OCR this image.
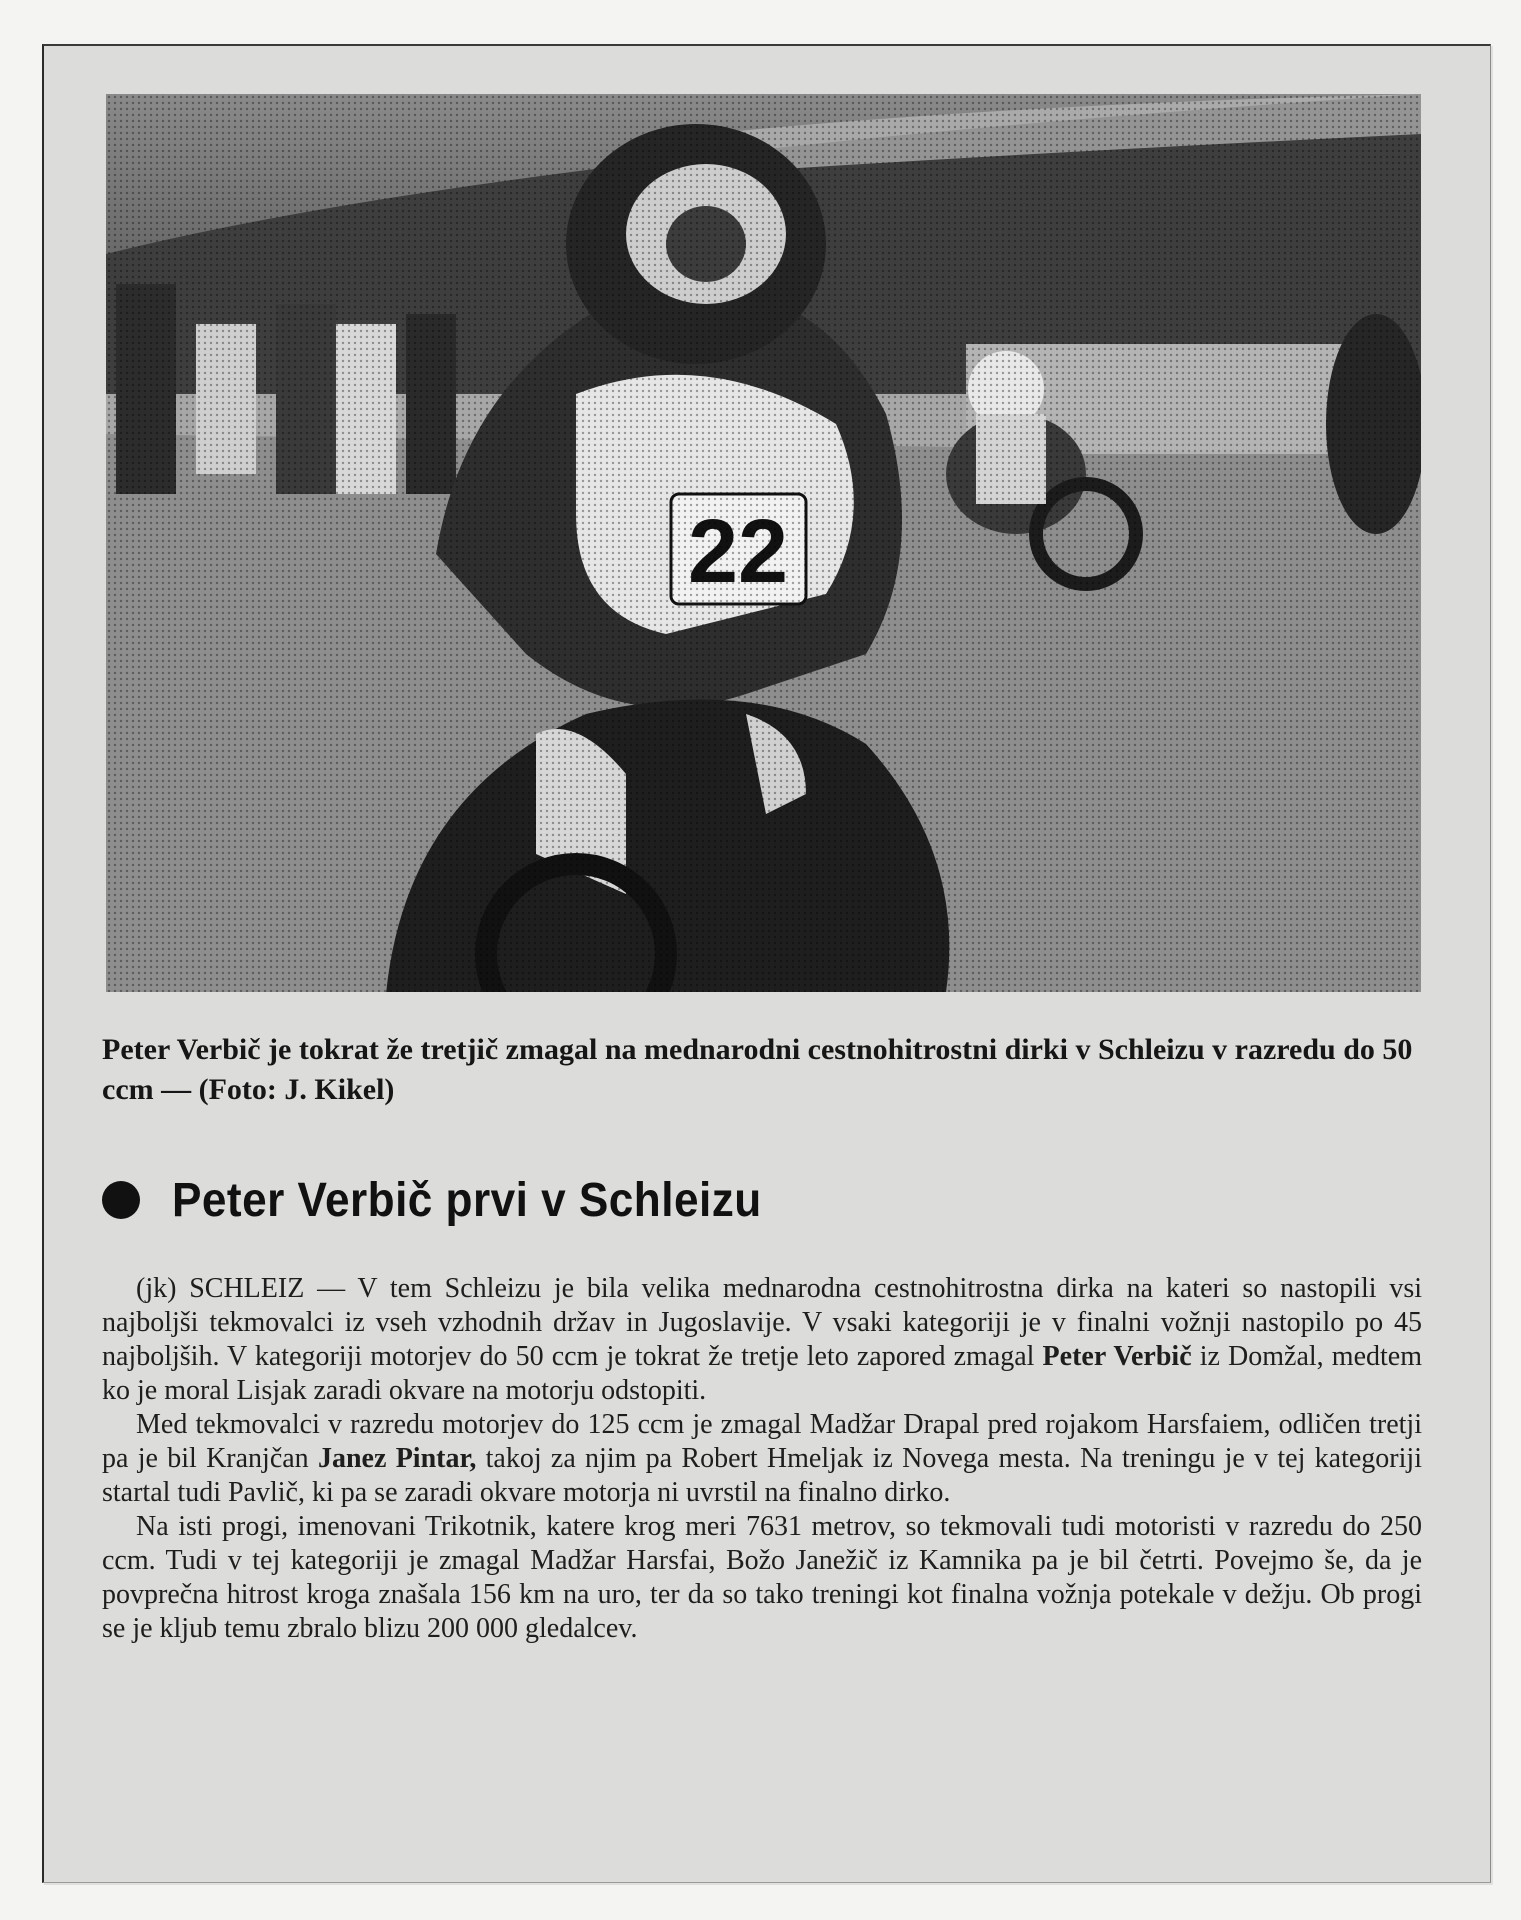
Peter Verbič je tokrat že tretjič zmagal na mednarodni cestnohitrostni dirki v Schleizu v razredu do 50 ccm — (Foto: J. Kikel)

Peter Verbič prvi v Schleizu

(jk) SCHLEIZ — V tem Schleizu je bila velika mednarodna cestnohitrostna dirka na kateri so nastopili vsi najboljši tekmovalci iz vseh vzhodnih držav in Jugoslavije. V vsaki kategoriji je v finalni vožnji nastopilo po 45 najboljših. V kategoriji motorjev do 50 ccm je tokrat že tretje leto zapored zmagal Peter Verbič iz Domžal, medtem ko je moral Lisjak zaradi okvare na motorju odstopiti.

Med tekmovalci v razredu motorjev do 125 ccm je zmagal Madžar Drapal pred rojakom Harsfaiem, odličen tretji pa je bil Kranjčan Janez Pintar, takoj za njim pa Robert Hmeljak iz Novega mesta. Na treningu je v tej kategoriji startal tudi Pavlič, ki pa se zaradi okvare motorja ni uvrstil na finalno dirko.

Na isti progi, imenovani Trikotnik, katere krog meri 7631 metrov, so tekmovali tudi motoristi v razredu do 250 ccm. Tudi v tej kategoriji je zmagal Madžar Harsfai, Božo Janežič iz Kamnika pa je bil četrti. Povejmo še, da je povprečna hitrost kroga znašala 156 km na uro, ter da so tako treningi kot finalna vožnja potekale v dežju. Ob progi se je kljub temu zbralo blizu 200 000 gledalcev.
